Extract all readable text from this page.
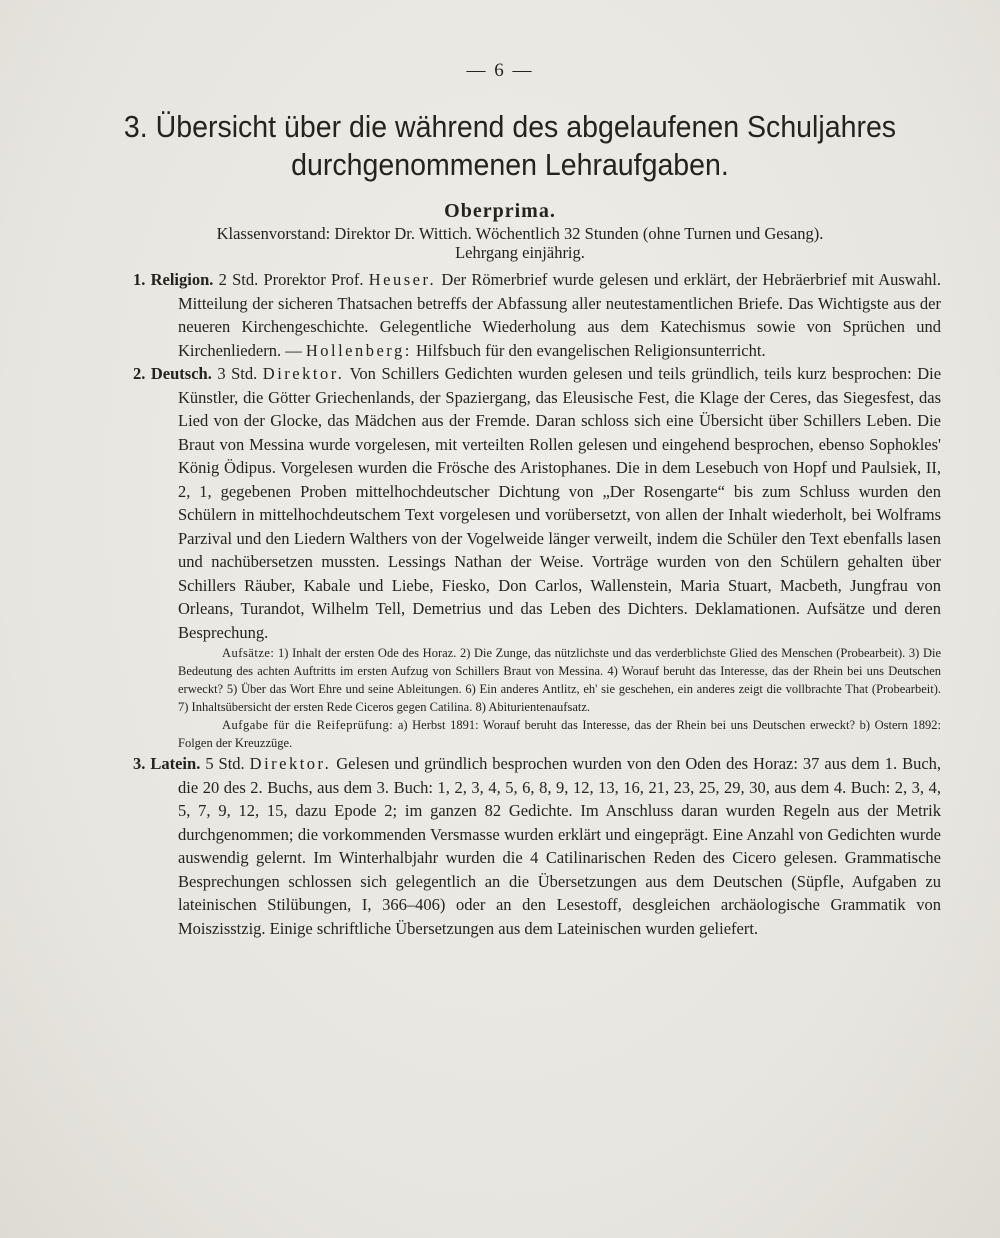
— 6 —
3. Übersicht über die während des abgelaufenen Schuljahres
durchgenommenen Lehraufgaben.
Oberprima.
Klassenvorstand: Direktor Dr. Wittich. Wöchentlich 32 Stunden (ohne Turnen und Gesang).
Lehrgang einjährig.

1. Religion. 2 Std. Prorektor Prof. Heuser. Der Römerbrief wurde gelesen und erklärt, der Hebräerbrief mit Auswahl. Mitteilung der sicheren Thatsachen betreffs der Abfassung aller neutestamentlichen Briefe. Das Wichtigste aus der neueren Kirchengeschichte. Gelegentliche Wiederholung aus dem Katechismus sowie von Sprüchen und Kirchenliedern. — Hollenberg: Hilfsbuch für den evangelischen Religionsunterricht.

2. Deutsch. 3 Std. Direktor. Von Schillers Gedichten wurden gelesen und teils gründlich, teils kurz besprochen: Die Künstler, die Götter Griechenlands, der Spaziergang, das Eleusische Fest, die Klage der Ceres, das Siegesfest, das Lied von der Glocke, das Mädchen aus der Fremde. Daran schloss sich eine Übersicht über Schillers Leben. Die Braut von Messina wurde vorgelesen, mit verteilten Rollen gelesen und eingehend besprochen, ebenso Sophokles' König Ödipus. Vorgelesen wurden die Frösche des Aristophanes. Die in dem Lesebuch von Hopf und Paulsiek, II, 2, 1, gegebenen Proben mittelhochdeutscher Dichtung von „Der Rosengarte“ bis zum Schluss wurden den Schülern in mittelhochdeutschem Text vorgelesen und vorübersetzt, von allen der Inhalt wiederholt, bei Wolframs Parzival und den Liedern Walthers von der Vogelweide länger verweilt, indem die Schüler den Text ebenfalls lasen und nachübersetzen mussten. Lessings Nathan der Weise. Vorträge wurden von den Schülern gehalten über Schillers Räuber, Kabale und Liebe, Fiesko, Don Carlos, Wallenstein, Maria Stuart, Macbeth, Jungfrau von Orleans, Turandot, Wilhelm Tell, Demetrius und das Leben des Dichters. Deklamationen. Aufsätze und deren Besprechung.

Aufsätze: 1) Inhalt der ersten Ode des Horaz. 2) Die Zunge, das nützlichste und das verderblichste Glied des Menschen (Probearbeit). 3) Die Bedeutung des achten Auftritts im ersten Aufzug von Schillers Braut von Messina. 4) Worauf beruht das Interesse, das der Rhein bei uns Deutschen erweckt? 5) Über das Wort Ehre und seine Ableitungen. 6) Ein anderes Antlitz, eh' sie geschehen, ein anderes zeigt die vollbrachte That (Probearbeit). 7) Inhaltsübersicht der ersten Rede Ciceros gegen Catilina. 8) Abiturientenaufsatz.

Aufgabe für die Reifeprüfung: a) Herbst 1891: Worauf beruht das Interesse, das der Rhein bei uns Deutschen erweckt? b) Ostern 1892: Folgen der Kreuzzüge.

3. Latein. 5 Std. Direktor. Gelesen und gründlich besprochen wurden von den Oden des Horaz: 37 aus dem 1. Buch, die 20 des 2. Buchs, aus dem 3. Buch: 1, 2, 3, 4, 5, 6, 8, 9, 12, 13, 16, 21, 23, 25, 29, 30, aus dem 4. Buch: 2, 3, 4, 5, 7, 9, 12, 15, dazu Epode 2; im ganzen 82 Gedichte. Im Anschluss daran wurden Regeln aus der Metrik durchgenommen; die vorkommenden Versmasse wurden erklärt und eingeprägt. Eine Anzahl von Gedichten wurde auswendig gelernt. Im Winterhalbjahr wurden die 4 Catilinarischen Reden des Cicero gelesen. Grammatische Besprechungen schlossen sich gelegentlich an die Übersetzungen aus dem Deutschen (Süpfle, Aufgaben zu lateinischen Stilübungen, I, 366–406) oder an den Lesestoff, desgleichen archäologische Grammatik von Moiszisstzig. Einige schriftliche Übersetzungen aus dem Lateinischen wurden geliefert.
